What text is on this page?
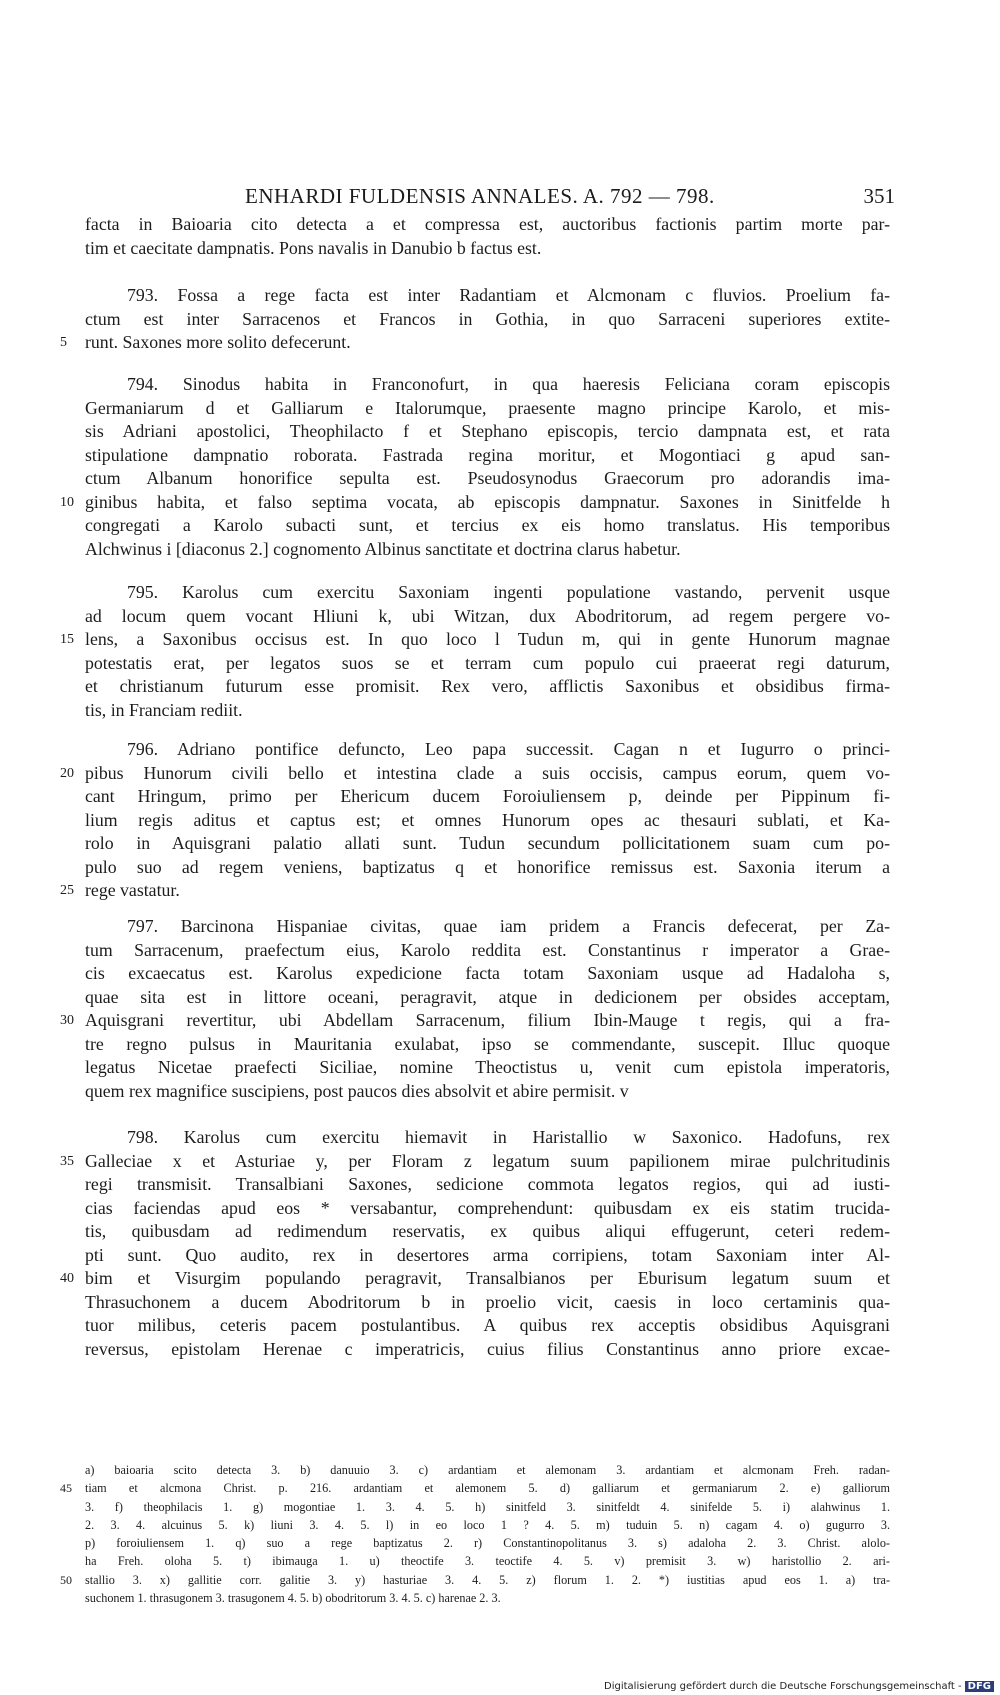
ENHARDI FULDENSIS ANNALES. A. 792 — 798.	351
facta in Baioaria cito detecta a et compressa est, auctoribus factionis partim morte par-
tim et caecitate dampnatis. Pons navalis in Danubio b factus est.
793. Fossa a rege facta est inter Radantiam et Alcmonam c fluvios. Proelium fa-
ctum est inter Sarracenos et Francos in Gothia, in quo Sarraceni superiores extite-
runt. Saxones more solito defecerunt.
5
794. Sinodus habita in Franconofurt, in qua haeresis Feliciana coram episcopis
Germaniarum d et Galliarum e Italorumque, praesente magno principe Karolo, et mis-
sis Adriani apostolici, Theophilacto f et Stephano episcopis, tercio dampnata est, et rata
stipulatione dampnatio roborata. Fastrada regina moritur, et Mogontiaci g apud san-
ctum Albanum honorifice sepulta est. Pseudosynodus Graecorum pro adorandis ima-
ginibus habita, et falso septima vocata, ab episcopis dampnatur. Saxones in Sinitfelde h
10
congregati a Karolo subacti sunt, et tercius ex eis homo translatus. His temporibus
Alchwinus i [diaconus 2.] cognomento Albinus sanctitate et doctrina clarus habetur.
795. Karolus cum exercitu Saxoniam ingenti populatione vastando, pervenit usque
ad locum quem vocant Hliuni k, ubi Witzan, dux Abodritorum, ad regem pergere vo-
lens, a Saxonibus occisus est. In quo loco l Tudun m, qui in gente Hunorum magnae
15
potestatis erat, per legatos suos se et terram cum populo cui praeerat regi daturum,
et christianum futurum esse promisit. Rex vero, afflictis Saxonibus et obsidibus firma-
tis, in Franciam rediit.
796. Adriano pontifice defuncto, Leo papa successit. Cagan n et Iugurro o princi-
pibus Hunorum civili bello et intestina clade a suis occisis, campus eorum, quem vo-
20
cant Hringum, primo per Ehericum ducem Foroiuliensem p, deinde per Pippinum fi-
lium regis aditus et captus est; et omnes Hunorum opes ac thesauri sublati, et Ka-
rolo in Aquisgrani palatio allati sunt. Tudun secundum pollicitationem suam cum po-
pulo suo ad regem veniens, baptizatus q et honorifice remissus est. Saxonia iterum a
rege vastatur.
25
797. Barcinona Hispaniae civitas, quae iam pridem a Francis defecerat, per Za-
tum Sarracenum, praefectum eius, Karolo reddita est. Constantinus r imperator a Grae-
cis excaecatus est. Karolus expedicione facta totam Saxoniam usque ad Hadaloha s,
quae sita est in littore oceani, peragravit, atque in dedicionem per obsides acceptam,
Aquisgrani revertitur, ubi Abdellam Sarracenum, filium Ibin-Mauge t regis, qui a fra-
30
tre regno pulsus in Mauritania exulabat, ipso se commendante, suscepit. Illuc quoque
legatus Nicetae praefecti Siciliae, nomine Theoctistus u, venit cum epistola imperatoris,
quem rex magnifice suscipiens, post paucos dies absolvit et abire permisit. v
798. Karolus cum exercitu hiemavit in Haristallio w Saxonico. Hadofuns, rex
Galleciae x et Asturiae y, per Floram z legatum suum papilionem mirae pulchritudinis
35
regi transmisit. Transalbiani Saxones, sedicione commota legatos regios, qui ad iusti-
cias faciendas apud eos * versabantur, comprehendunt: quibusdam ex eis statim trucida-
tis, quibusdam ad redimendum reservatis, ex quibus aliqui effugerunt, ceteri redem-
pti sunt. Quo audito, rex in desertores arma corripiens, totam Saxoniam inter Al-
bim et Visurgim populando peragravit, Transalbianos per Eburisum legatum suum et
40
Thrasuchonem a ducem Abodritorum b in proelio vicit, caesis in loco certaminis qua-
tuor milibus, ceteris pacem postulantibus. A quibus rex acceptis obsidibus Aquisgrani
reversus, epistolam Herenae c imperatricis, cuius filius Constantinus anno priore excae-
a) baioaria scito detecta 3. b) danuuio 3. c) ardantiam et alemonam 3. ardantiam et alcmonam Freh. radan-
tiam et alcmona Christ. p. 216. ardantiam et alemonem 5. d) galliarum et germaniarum 2. e) galliorum
45
3. f) theophilacis 1. g) mogontiae 1. 3. 4. 5. h) sinitfeld 3. sinitfeldt 4. sinifelde 5. i) alahwinus 1.
2. 3. 4. alcuinus 5. k) liuni 3. 4. 5. l) in eo loco 1 ? 4. 5. m) tuduin 5. n) cagam 4. o) gugurro 3.
p) foroiuliensem 1. q) suo a rege baptizatus 2. r) Constantinopolitanus 3. s) adaloha 2. 3. Christ. alolo-
ha Freh. oloha 5. t) ibimauga 1. u) theoctife 3. teoctife 4. 5. v) premisit 3. w) haristollio 2. ari-
stallio 3. x) gallitie corr. galitie 3. y) hasturiae 3. 4. 5. z) florum 1. 2. *) iustitias apud eos 1. a) tra-
50
suchonem 1. thrasugonem 3. trasugonem 4. 5. b) obodritorum 3. 4. 5. c) harenae 2. 3.
Digitalisierung gefördert durch die Deutsche Forschungsgemeinschaft - DFG
